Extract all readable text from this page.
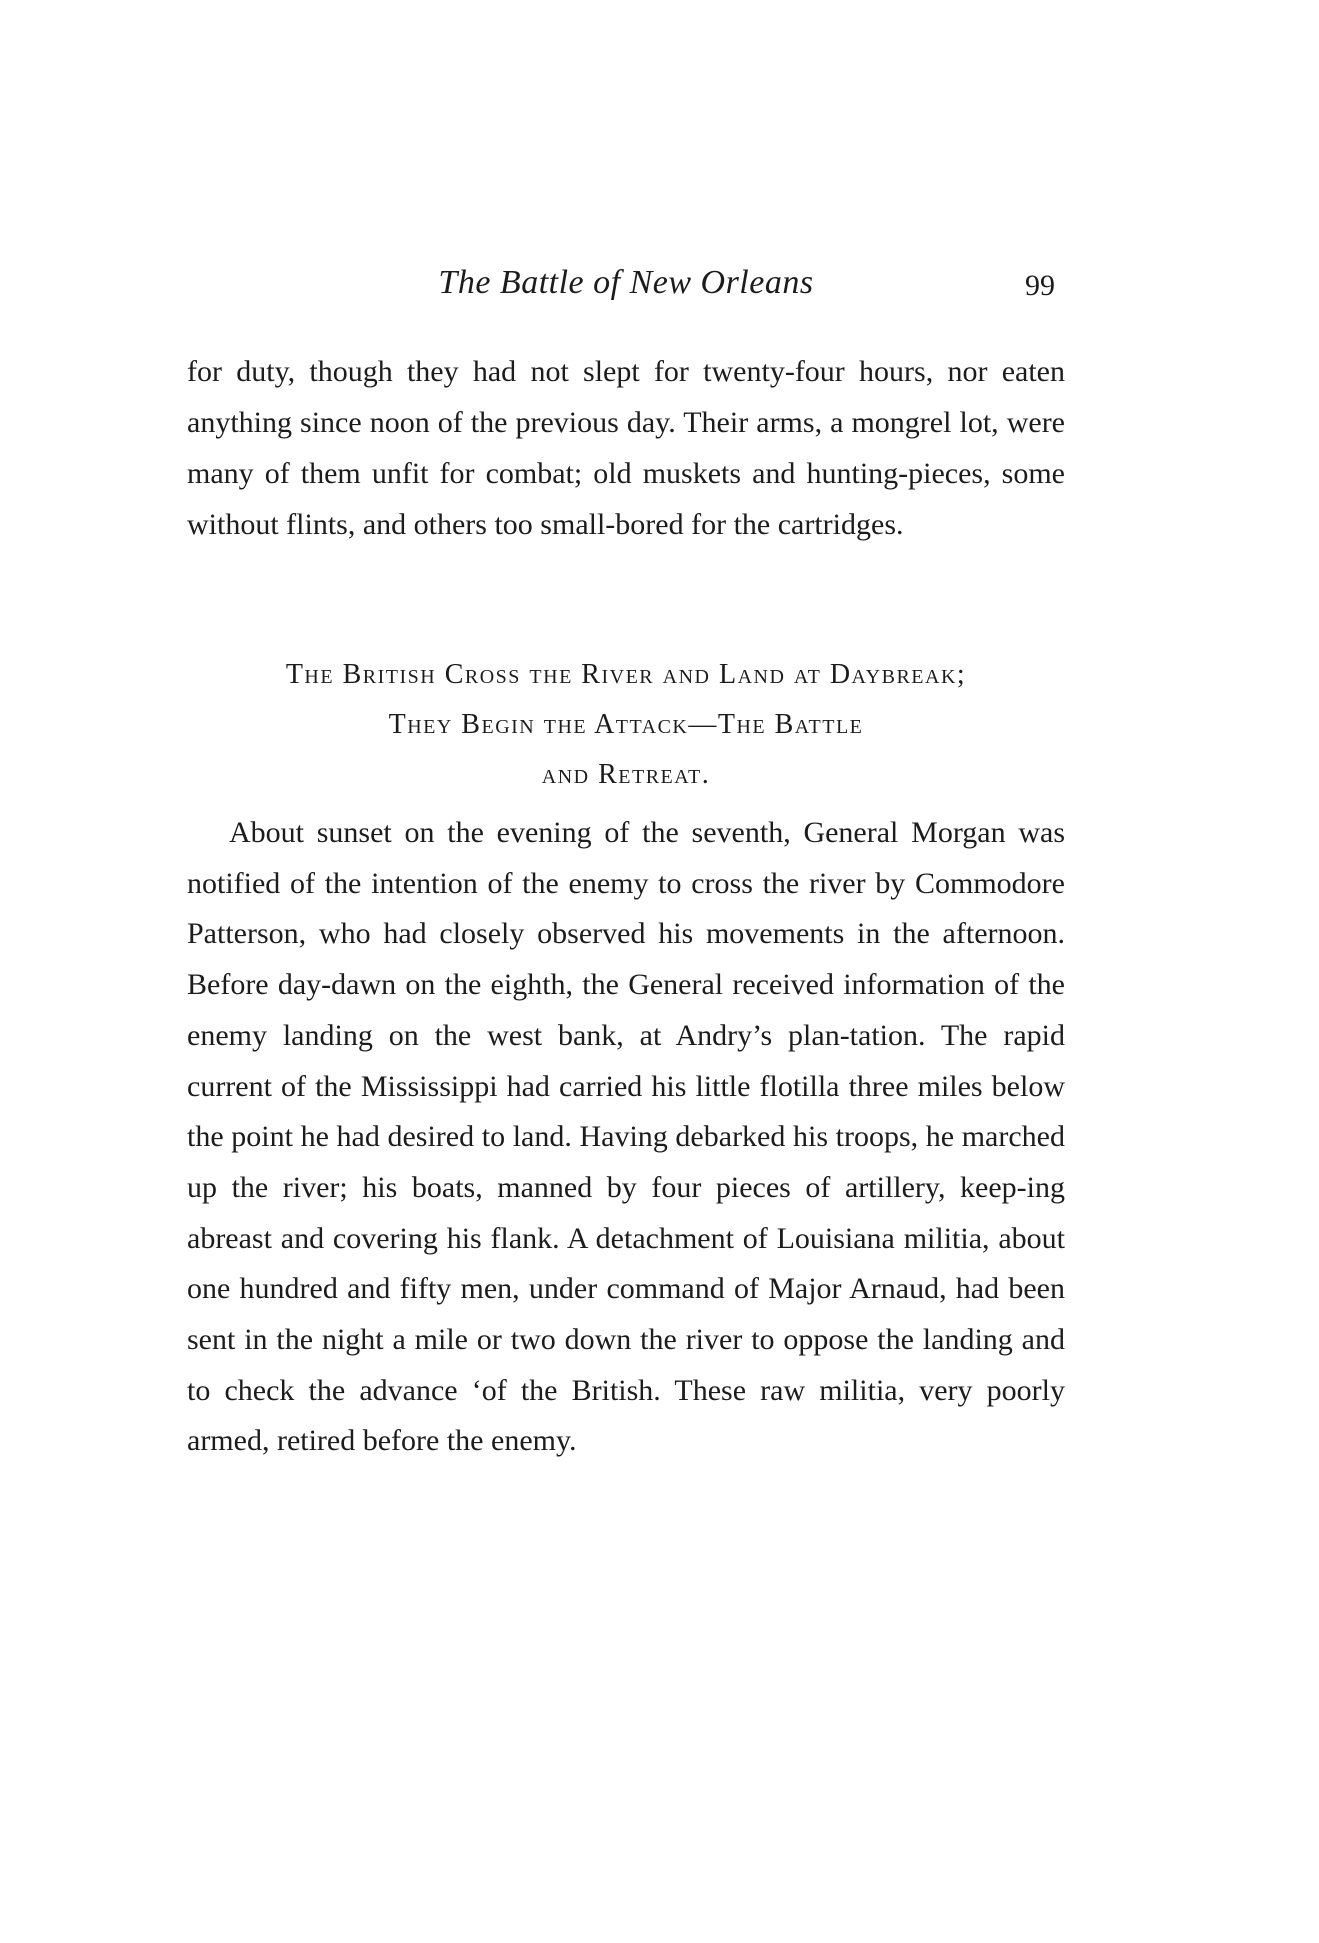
The Battle of New Orleans	99

for duty, though they had not slept for twenty-four hours, nor eaten anything since noon of the previous day. Their arms, a mongrel lot, were many of them unfit for combat; old muskets and hunting-pieces, some without flints, and others too small-bored for the cartridges.

The British Cross the River and Land at Daybreak;
They Begin the Attack—The Battle
and Retreat.

About sunset on the evening of the seventh, General Morgan was notified of the intention of the enemy to cross the river by Commodore Patterson, who had closely observed his movements in the afternoon. Before day-dawn on the eighth, the General received information of the enemy landing on the west bank, at Andry’s plan-tation. The rapid current of the Mississippi had carried his little flotilla three miles below the point he had desired to land. Having debarked his troops, he marched up the river; his boats, manned by four pieces of artillery, keep-ing abreast and covering his flank. A detachment of Louisiana militia, about one hundred and fifty men, under command of Major Arnaud, had been sent in the night a mile or two down the river to oppose the landing and to check the advance ‘of the British. These raw militia, very poorly armed, retired before the enemy.
